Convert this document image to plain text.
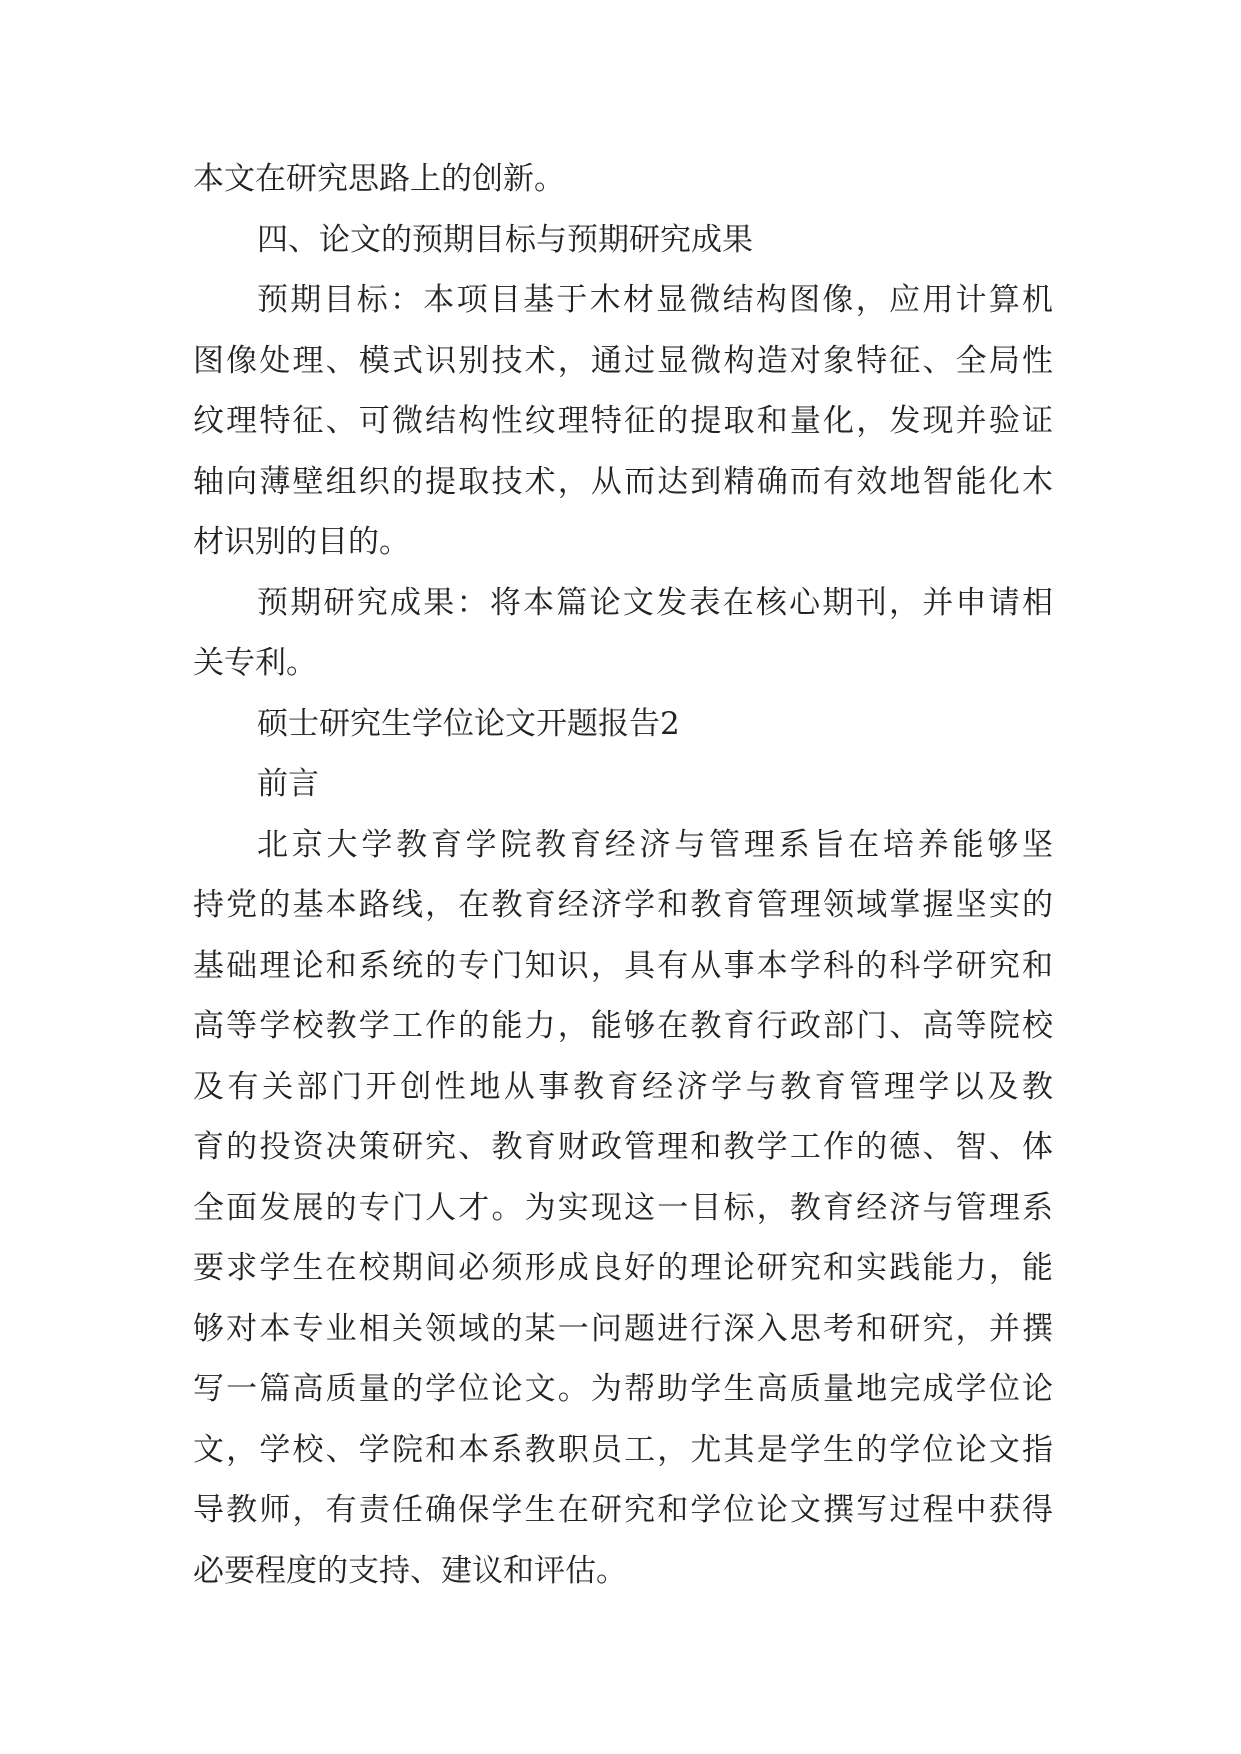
本文在研究思路上的创新。
四、论文的预期目标与预期研究成果
预期目标：本项目基于木材显微结构图像，应用计算机
图像处理、模式识别技术，通过显微构造对象特征、全局性
纹理特征、可微结构性纹理特征的提取和量化，发现并验证
轴向薄壁组织的提取技术，从而达到精确而有效地智能化木
材识别的目的。
预期研究成果：将本篇论文发表在核心期刊，并申请相
关专利。
硕士研究生学位论文开题报告2
前言
北京大学教育学院教育经济与管理系旨在培养能够坚
持党的基本路线，在教育经济学和教育管理领域掌握坚实的
基础理论和系统的专门知识，具有从事本学科的科学研究和
高等学校教学工作的能力，能够在教育行政部门、高等院校
及有关部门开创性地从事教育经济学与教育管理学以及教
育的投资决策研究、教育财政管理和教学工作的德、智、体
全面发展的专门人才。为实现这一目标，教育经济与管理系
要求学生在校期间必须形成良好的理论研究和实践能力，能
够对本专业相关领域的某一问题进行深入思考和研究，并撰
写一篇高质量的学位论文。为帮助学生高质量地完成学位论
文，学校、学院和本系教职员工，尤其是学生的学位论文指
导教师，有责任确保学生在研究和学位论文撰写过程中获得
必要程度的支持、建议和评估。
